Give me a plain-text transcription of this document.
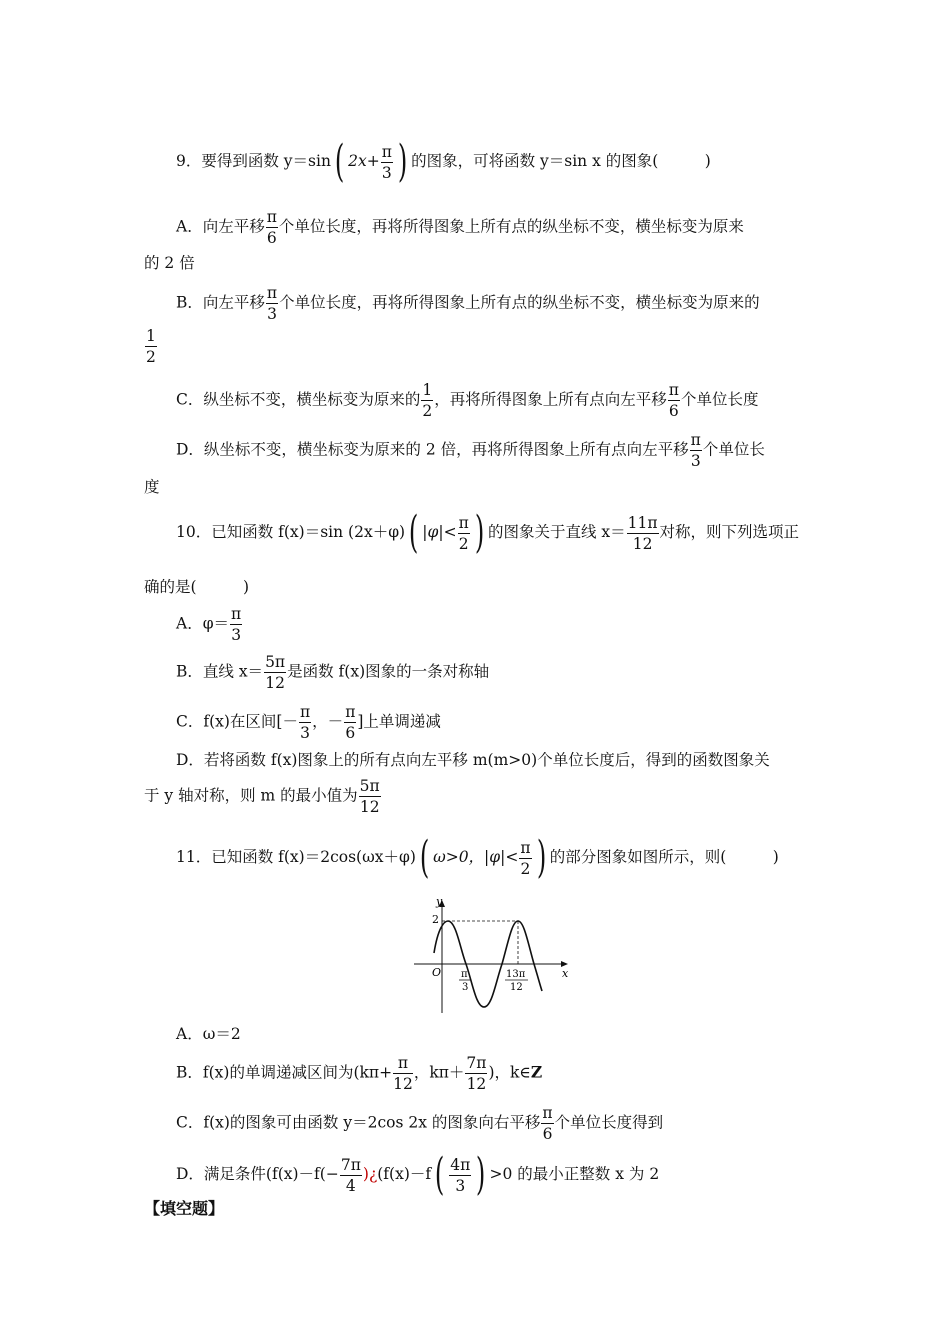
9．要得到函数 y＝sin( $2x+ \frac{\pi}{3}$ ) 的图象，可将函数 y＝sin x 的图象(　　　)
A．向左平移 $\frac{\pi}{6}$ 个单位长度，再将所得图象上所有点的纵坐标不变，横坐标变为原来
的 2 倍
B．向左平移 $\frac{\pi}{3}$ 个单位长度，再将所得图象上所有点的纵坐标不变，横坐标变为原来的
$\frac{1}{2}$
C．纵坐标不变，横坐标变为原来的 $\frac{1}{2}$ ，再将所得图象上所有点向左平移 $\frac{\pi}{6}$ 个单位长度
D．纵坐标不变，横坐标变为原来的 2 倍，再将所得图象上所有点向左平移 $\frac{\pi}{3}$ 个单位长
度
10．已知函数 f(x)＝sin (2x＋φ)( $|\varphi|< \frac{\pi}{2}$ ) 的图象关于直线 $x= \frac{11\pi}{12}$ 对称，则下列选项正
确的是(　　　)
A．$\varphi= \frac{\pi}{3}$
B．直线 $x= \frac{5\pi}{12}$ 是函数 f(x)图象的一条对称轴
C．f(x)在区间[－ $\frac{\pi}{3}$ ，－ $\frac{\pi}{6}$ ]上单调递减
D．若将函数 f(x)图象上的所有点向左平移 m(m>0)个单位长度后，得到的函数图象关
于 y 轴对称，则 m 的最小值为 $\frac{5\pi}{12}$
11．已知函数 f(x)＝2cos(ωx＋φ)( ω>0，$|\varphi|< \frac{\pi}{2}$ ) 的部分图象如图所示，则(　　　)
y
x
2
O π
3
13π
12
A．ω＝2
B．f(x)的单调递减区间为($k\pi+ \frac{\pi}{12}$ ，$k\pi+ \frac{7\pi}{12}$ )，k∈Z
C．f(x)的图象可由函数 y＝2cos 2x 的图象向右平移 $\frac{\pi}{6}$ 个单位长度得到
D．满足条件($f(x)-f(- \frac{7\pi}{4}$ )¿(f(x)－f( $\frac{4\pi}{3}$ ) >0 的最小正整数 x 为 2
【填空题】
